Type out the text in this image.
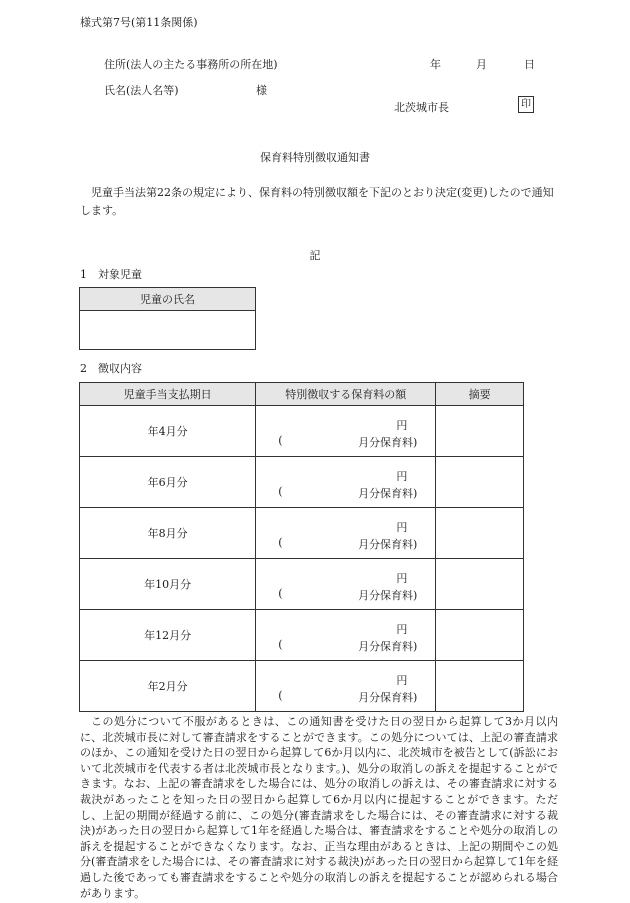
様式第7号(第11条関係)
住所(法人の主たる事務所の所在地)	年	月	日
氏名(法人名等)	様
北茨城市長	印
保育料特別徴収通知書
児童手当法第22条の規定により、保育料の特別徴収額を下記のとおり決定(変更)したので通知します。
記
1　対象児童
児童の氏名

2　徴収内容
児童手当支払期日	特別徴収する保育料の額	摘要
年4月分	円
( 月分保育料)	

年6月分	円
( 月分保育料)	

年8月分	円
( 月分保育料)	

年10月分	円
( 月分保育料)	

年12月分	円
( 月分保育料)	

年2月分	円
( 月分保育料)	

この処分について不服があるときは、この通知書を受けた日の翌日から起算して3か月以内に、北茨城市長に対して審査請求をすることができます。この処分については、上記の審査請求のほか、この通知を受けた日の翌日から起算して6か月以内に、北茨城市を被告として(訴訟において北茨城市を代表する者は北茨城市長となります。)、処分の取消しの訴えを提起することができます。なお、上記の審査請求をした場合には、処分の取消しの訴えは、その審査請求に対する裁決があったことを知った日の翌日から起算して6か月以内に提起することができます。ただし、上記の期間が経過する前に、この処分(審査請求をした場合には、その審査請求に対する裁決)があった日の翌日から起算して1年を経過した場合は、審査請求をすることや処分の取消しの訴えを提起することができなくなります。なお、正当な理由があるときは、上記の期間やこの処分(審査請求をした場合には、その審査請求に対する裁決)があった日の翌日から起算して1年を経過した後であっても審査請求をすることや処分の取消しの訴えを提起することが認められる場合があります。
